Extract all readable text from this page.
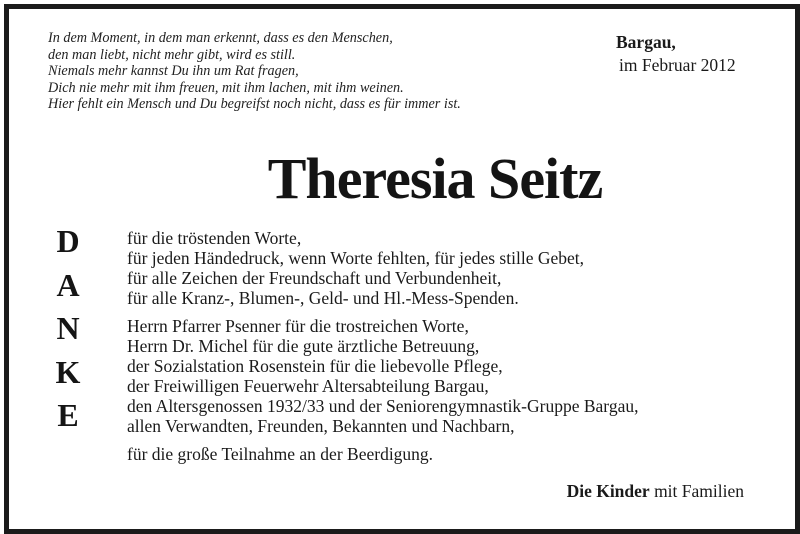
In dem Moment, in dem man erkennt, dass es den Menschen,
den man liebt, nicht mehr gibt, wird es still.
Niemals mehr kannst Du ihn um Rat fragen,
Dich nie mehr mit ihm freuen, mit ihm lachen, mit ihm weinen.
Hier fehlt ein Mensch und Du begreifst noch nicht, dass es für immer ist.
Bargau,
im Februar 2012
Theresia Seitz
D
A
N
K
E
für die tröstenden Worte,
für jeden Händedruck, wenn Worte fehlten, für jedes stille Gebet,
für alle Zeichen der Freundschaft und Verbundenheit,
für alle Kranz-, Blumen-, Geld- und Hl.-Mess-Spenden.
Herrn Pfarrer Psenner für die trostreichen Worte,
Herrn Dr. Michel für die gute ärztliche Betreuung,
der Sozialstation Rosenstein für die liebevolle Pflege,
der Freiwilligen Feuerwehr Altersabteilung Bargau,
den Altersgenossen 1932/33 und der Seniorengymnastik-Gruppe Bargau,
allen Verwandten, Freunden, Bekannten und Nachbarn,
für die große Teilnahme an der Beerdigung.
Die Kinder mit Familien
